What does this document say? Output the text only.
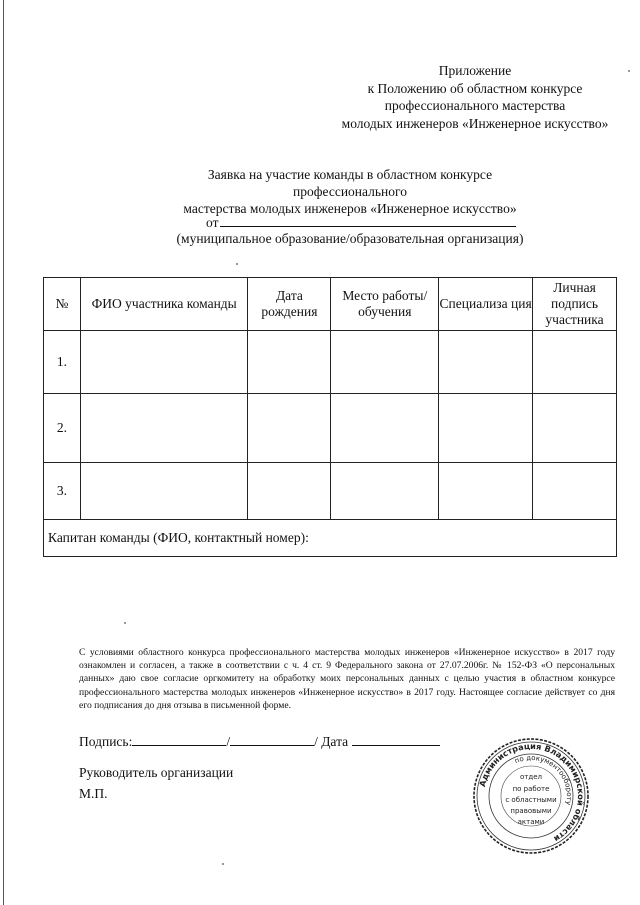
Приложение
к Положению об областном конкурсе
профессионального мастерства
молодых инженеров «Инженерное искусство»
Заявка на участие команды в областном конкурсе
профессионального
мастерства молодых инженеров «Инженерное искусство»
от
(муниципальное образование/образовательная организация)
№	ФИО участника команды	Дата рождения	Место работы/ обучения	Специализа ция	Личная подпись участника
1.					
2.					
3.					
Капитан команды (ФИО, контактный номер):					
С условиями областного конкурса профессионального мастерства молодых инженеров «Инженерное искусство» в 2017 году ознакомлен и согласен, а также в соответствии с ч. 4 ст. 9 Федерального закона от 27.07.2006г. № 152-ФЗ «О персональных данных» даю свое согласие оргкомитету на обработку моих персональных данных с целью участия в областном конкурсе профессионального мастерства молодых инженеров «Инженерное искусство» в 2017 году. Настоящее согласие действует со дня его подписания до дня отзыва в письменной форме.
Подпись:	/	/ Дата
Руководитель организации
М.П.
Администрация Владимирской области
по документообороту
отдел
по работе
с областными
правовыми
актами
